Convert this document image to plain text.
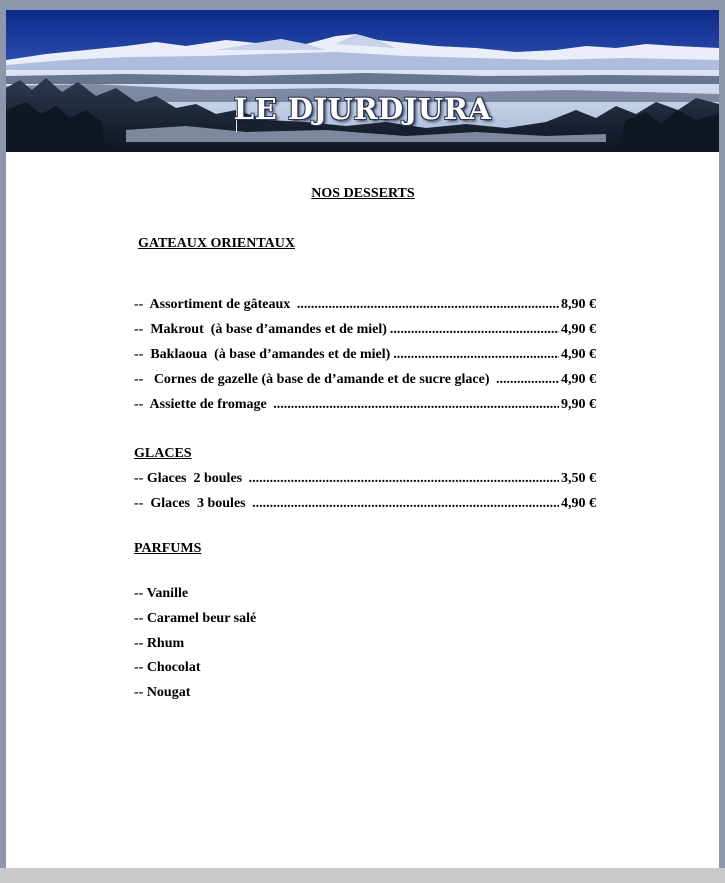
LE DJURDJURA
NOS DESSERTS
GATEAUX ORIENTAUX
--  Assortiment de gâteaux .....	8,90 €
--  Makrout  (à base d’amandes et de miel) .....	4,90 €
--  Baklaoua  (à base d’amandes et de miel) .....	4,90 €
--   Cornes de gazelle (à base de d’amande et de sucre glace) .....	4,90 €
--  Assiette de fromage .....	9,90 €
GLACES
-- Glaces  2 boules .....	3,50 €
--  Glaces  3 boules .....	4,90 €
PARFUMS
-- Vanille
-- Caramel beur salé
-- Rhum
-- Chocolat
-- Nougat
